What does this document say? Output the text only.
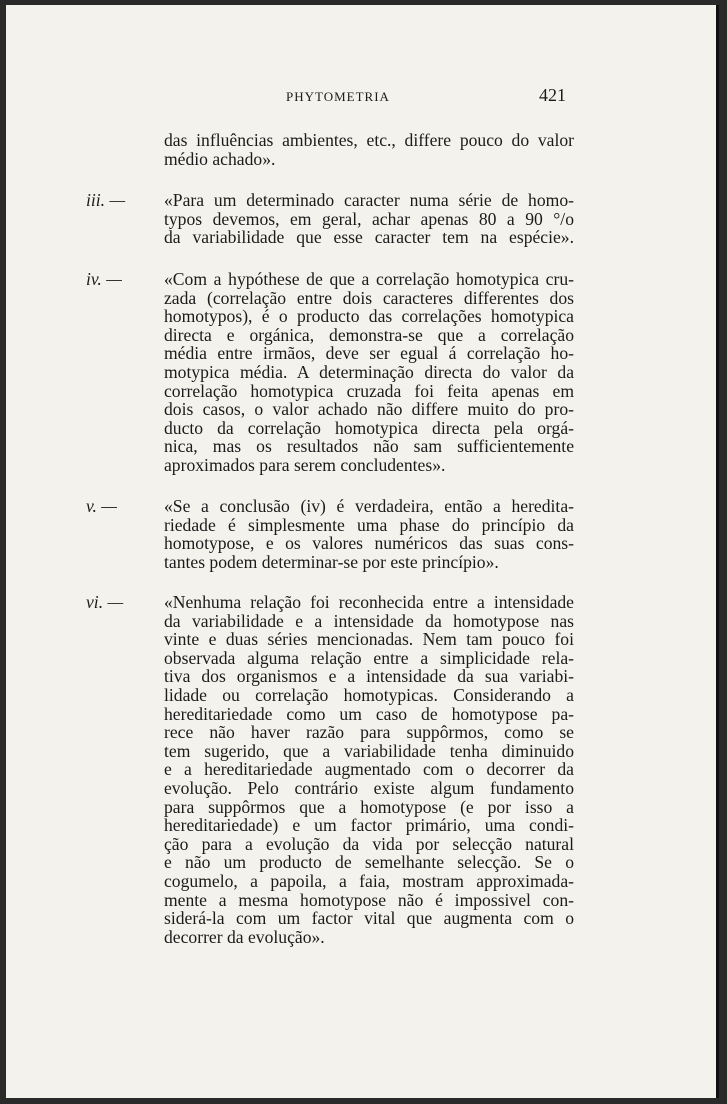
PHYTOMETRIA	421
das influências ambientes, etc., differe pouco do valor
médio achado».
iii. — «Para um determinado caracter numa série de homo-
typos devemos, em geral, achar apenas 80 a 90 °/o
da variabilidade que esse caracter tem na espécie».
iv. — «Com a hypóthese de que a correlação homotypica cru-
zada (correlação entre dois caracteres differentes dos
homotypos), é o producto das correlações homotypica
directa e orgánica, demonstra-se que a correlação
média entre irmãos, deve ser egual á correlação ho-
motypica média. A determinação directa do valor da
correlação homotypica cruzada foi feita apenas em
dois casos, o valor achado não differe muito do pro-
ducto da correlação homotypica directa pela orgá-
nica, mas os resultados não sam sufficientemente
aproximados para serem concludentes».
v. —	«Se a conclusão (iv) é verdadeira, então a heredita-
riedade é simplesmente uma phase do princípio da
homotypose, e os valores numéricos das suas cons-
tantes podem determinar-se por este princípio».
vi. — «Nenhuma relação foi reconhecida entre a intensidade
da variabilidade e a intensidade da homotypose nas
vinte e duas séries mencionadas. Nem tam pouco foi
observada alguma relação entre a simplicidade rela-
tiva dos organismos e a intensidade da sua variabi-
lidade ou correlação homotypicas. Considerando a
hereditariedade como um caso de homotypose pa-
rece não haver razão para suppôrmos, como se
tem sugerido, que a variabilidade tenha diminuido
e a hereditariedade augmentado com o decorrer da
evolução. Pelo contrário existe algum fundamento
para suppôrmos que a homotypose (e por isso a
hereditariedade) e um factor primário, uma condi-
ção para a evolução da vida por selecção natural
e não um producto de semelhante selecção. Se o
cogumelo, a papoila, a faia, mostram approximada-
mente a mesma homotypose não é impossivel con-
siderá-la com um factor vital que augmenta com o
decorrer da evolução».
